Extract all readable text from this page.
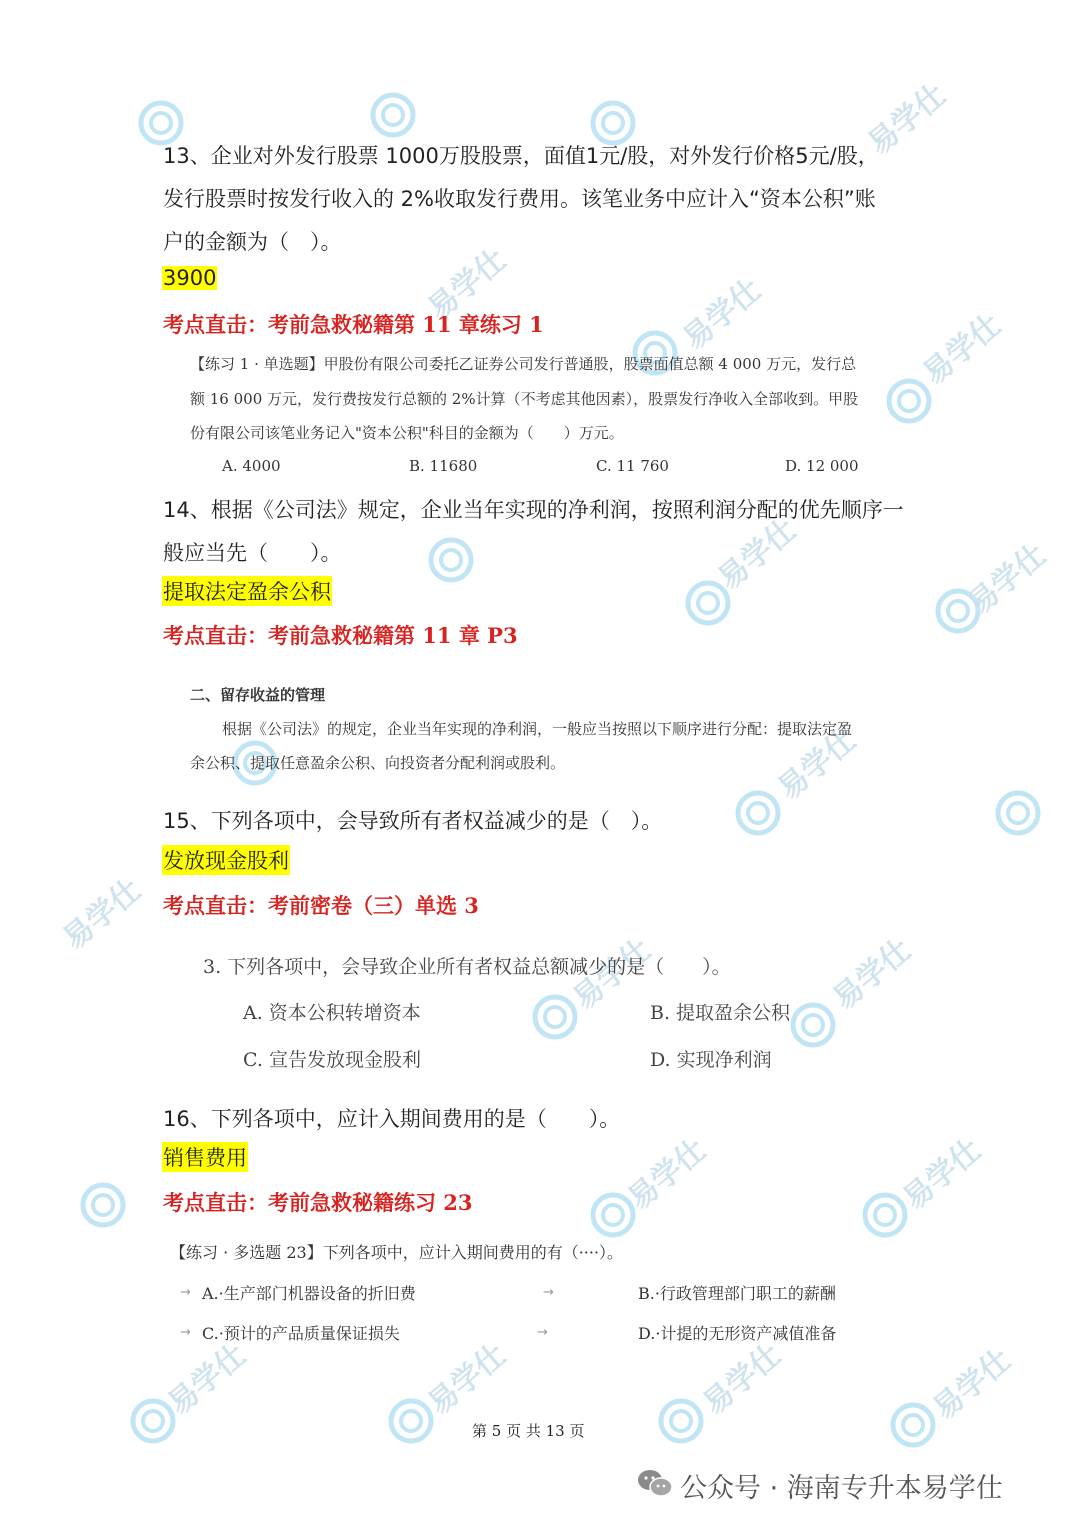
易学仕
易学仕	易学仕	易学仕
易学仕	易学仕
易学仕
易学仕
易学仕	易学仕
易学仕	易学仕
易学仕	易学仕	易学仕	易学仕
13、企业对外发行股票 1000万股股票，面值1元/股，对外发行价格5元/股，
发行股票时按发行收入的 2%收取发行费用。该笔业务中应计入“资本公积”账
户的金额为（　）。
3900
考点直击：考前急救秘籍第 11 章练习 1
【练习 1 · 单选题】甲股份有限公司委托乙证券公司发行普通股，股票面值总额 4 000 万元，发行总
额 16 000 万元，发行费按发行总额的 2%计算（不考虑其他因素），股票发行净收入全部收到。甲股
份有限公司该笔业务记入"资本公积"科目的金额为（　　）万元。
A. 4000	B. 11680	C. 11 760	D. 12 000
14、根据《公司法》规定，企业当年实现的净利润，按照利润分配的优先顺序一
般应当先（　　）。
提取法定盈余公积
考点直击：考前急救秘籍第 11 章 P3
二、留存收益的管理
根据《公司法》的规定，企业当年实现的净利润，一般应当按照以下顺序进行分配：提取法定盈
余公积、提取任意盈余公积、向投资者分配利润或股利。
15、下列各项中，会导致所有者权益减少的是（　）。
发放现金股利
考点直击：考前密卷（三）单选 3
3. 下列各项中，会导致企业所有者权益总额减少的是（　　）。
A. 资本公积转增资本	B. 提取盈余公积
C. 宣告发放现金股利	D. 实现净利润
16、下列各项中，应计入期间费用的是（　　）。
销售费用
考点直击：考前急救秘籍练习 23
【练习 · 多选题 23】下列各项中，应计入期间费用的有（····）。
→ A.·生产部门机器设备的折旧费	→	B.·行政管理部门职工的薪酬
→ C.·预计的产品质量保证损失	→	D.·计提的无形资产减值准备
第 5 页 共 13 页
公众号 · 海南专升本易学仕
